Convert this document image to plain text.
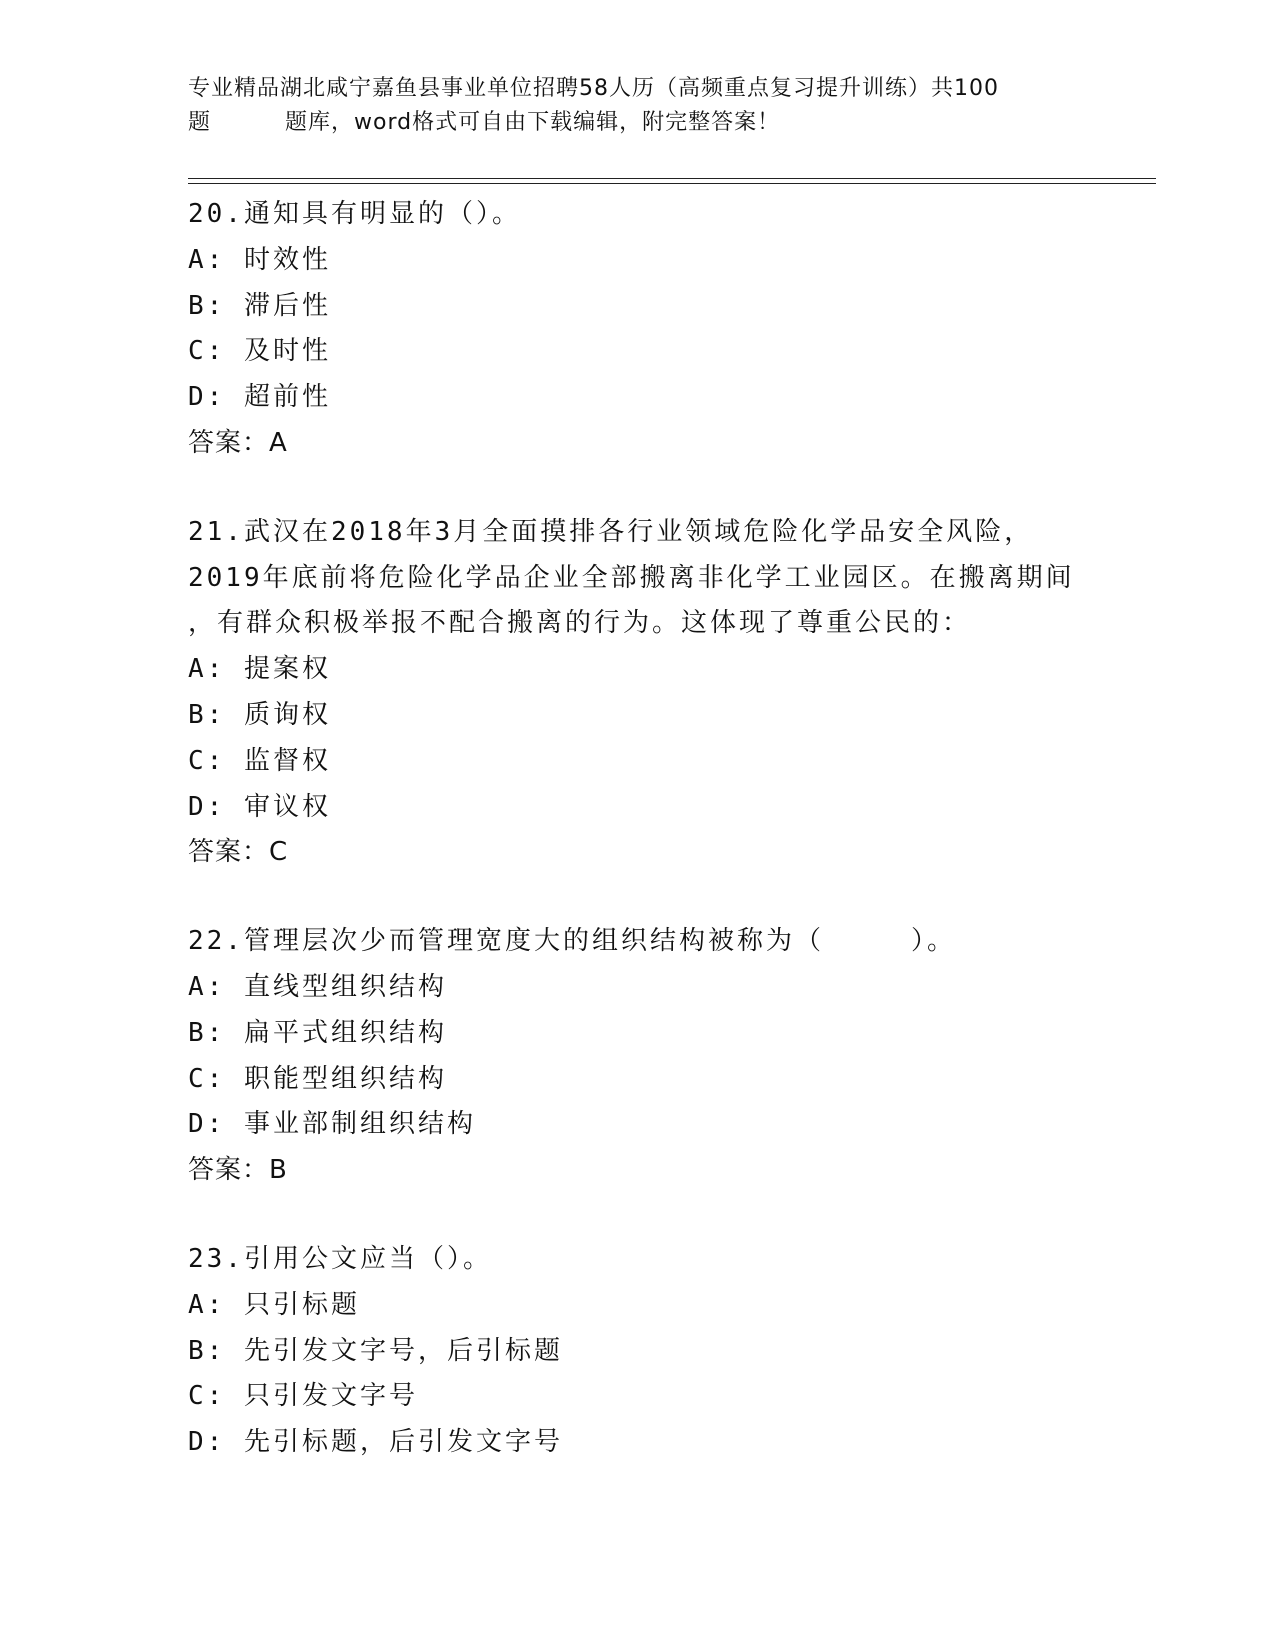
专业精品湖北咸宁嘉鱼县事业单位招聘58人历（高频重点复习提升训练）共100
题	题库，word格式可自由下载编辑，附完整答案！
20.通知具有明显的（）。
A: 时效性
B: 滞后性
C: 及时性
D: 超前性
答案：A
21.武汉在2018年3月全面摸排各行业领域危险化学品安全风险，
2019年底前将危险化学品企业全部搬离非化学工业园区。在搬离期间
，有群众积极举报不配合搬离的行为。这体现了尊重公民的：
A: 提案权
B: 质询权
C: 监督权
D: 审议权
答案：C
22.管理层次少而管理宽度大的组织结构被称为（　　　）。
A: 直线型组织结构
B: 扁平式组织结构
C: 职能型组织结构
D: 事业部制组织结构
答案：B
23.引用公文应当（）。
A: 只引标题
B: 先引发文字号，后引标题
C: 只引发文字号
D: 先引标题，后引发文字号
